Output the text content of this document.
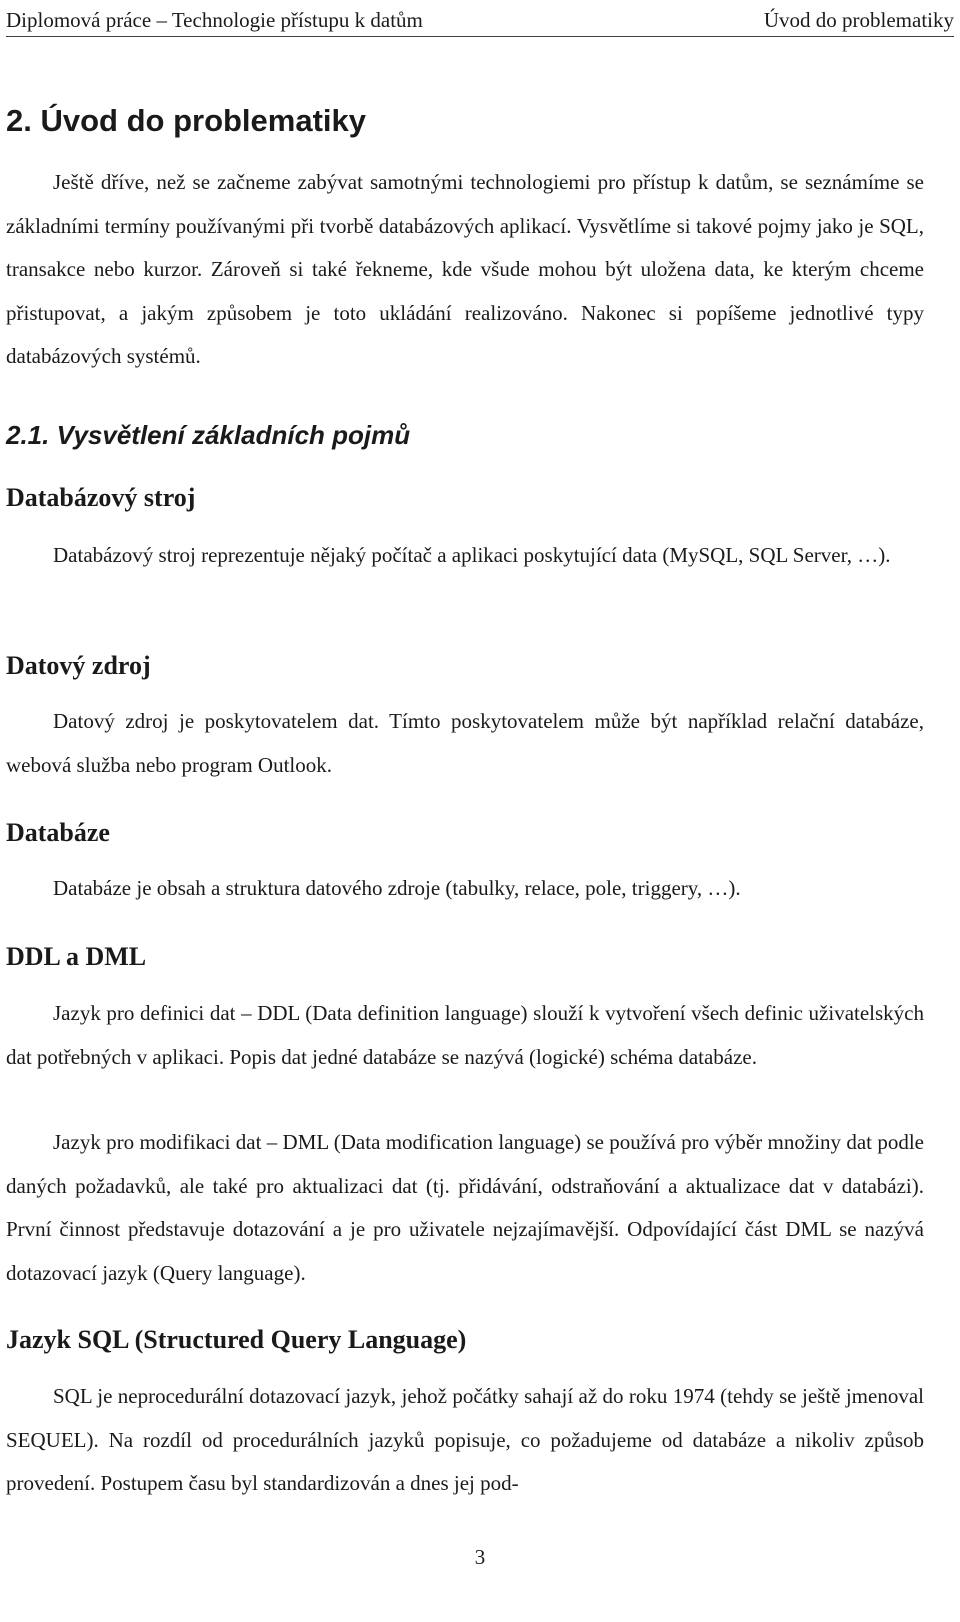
Diplomová práce – Technologie přístupu k datům	Úvod do problematiky
2. Úvod do problematiky

Ještě dříve, než se začneme zabývat samotnými technologiemi pro přístup k datům, se seznámíme se základními termíny používanými při tvorbě databázových aplikací. Vysvětlíme si takové pojmy jako je SQL, transakce nebo kurzor. Zároveň si také řekneme, kde všude mohou být uložena data, ke kterým chceme přistupovat, a jakým způsobem je toto ukládání realizováno. Nakonec si popíšeme jednotlivé typy databázových systémů.

2.1. Vysvětlení základních pojmů
Databázový stroj

Databázový stroj reprezentuje nějaký počítač a aplikaci poskytující data (MySQL, SQL Server, …).

Datový zdroj

Datový zdroj je poskytovatelem dat. Tímto poskytovatelem může být například relační databáze, webová služba nebo program Outlook.

Databáze

Databáze je obsah a struktura datového zdroje (tabulky, relace, pole, triggery, …).

DDL a DML

Jazyk pro definici dat – DDL (Data definition language) slouží k vytvoření všech definic uživatelských dat potřebných v aplikaci. Popis dat jedné databáze se nazývá (logické) schéma databáze.

Jazyk pro modifikaci dat – DML (Data modification language) se používá pro výběr množiny dat podle daných požadavků, ale také pro aktualizaci dat (tj. přidávání, odstraňování a aktualizace dat v databázi). První činnost představuje dotazování a je pro uživatele nejzajímavější. Odpovídající část DML se nazývá dotazovací jazyk (Query language).

Jazyk SQL (Structured Query Language)

SQL je neprocedurální dotazovací jazyk, jehož počátky sahají až do roku 1974 (tehdy se ještě jmenoval SEQUEL). Na rozdíl od procedurálních jazyků popisuje, co požadujeme od databáze a nikoliv způsob provedení. Postupem času byl standardizován a dnes jej pod-

3
